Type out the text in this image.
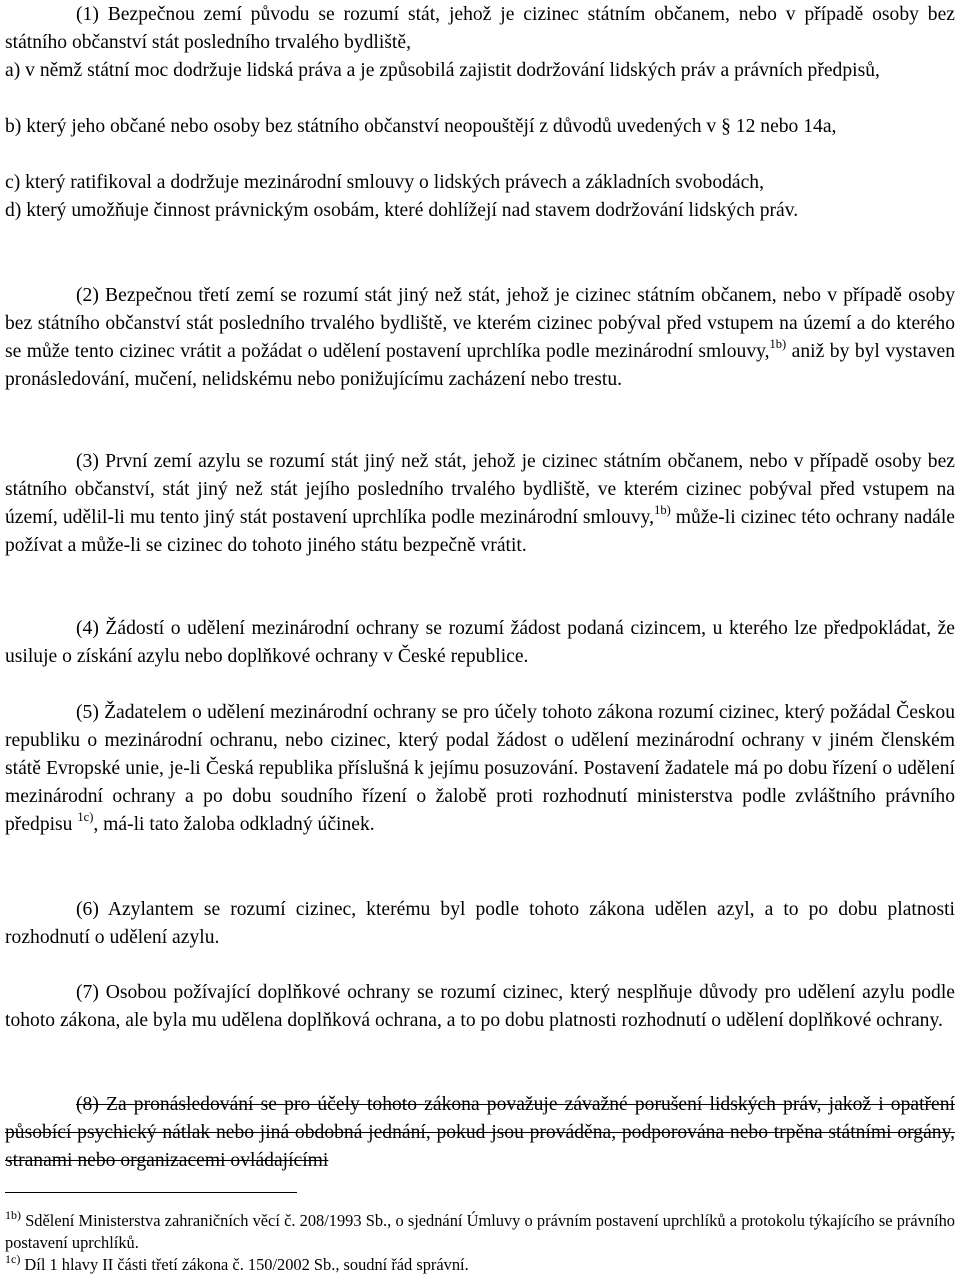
(1) Bezpečnou zemí původu se rozumí stát, jehož je cizinec státním občanem, nebo v případě osoby bez státního občanství stát posledního trvalého bydliště,

a) v němž státní moc dodržuje lidská práva a je způsobilá zajistit dodržování lidských práv a právních předpisů,

b) který jeho občané nebo osoby bez státního občanství neopouštějí z důvodů uvedených v § 12 nebo 14a,

c) který ratifikoval a dodržuje mezinárodní smlouvy o lidských právech a základních svobodách,

d) který umožňuje činnost právnickým osobám, které dohlížejí nad stavem dodržování lidských práv.

(2) Bezpečnou třetí zemí se rozumí stát jiný než stát, jehož je cizinec státním občanem, nebo v případě osoby bez státního občanství stát posledního trvalého bydliště, ve kterém cizinec pobýval před vstupem na území a do kterého se může tento cizinec vrátit a požádat o udělení postavení uprchlíka podle mezinárodní smlouvy,$^{1b)}$ aniž by byl vystaven pronásledování, mučení, nelidskému nebo ponižujícímu zacházení nebo trestu.

(3) První zemí azylu se rozumí stát jiný než stát, jehož je cizinec státním občanem, nebo v případě osoby bez státního občanství, stát jiný než stát jejího posledního trvalého bydliště, ve kterém cizinec pobýval před vstupem na území, udělil-li mu tento jiný stát postavení uprchlíka podle mezinárodní smlouvy,$^{1b)}$ může-li cizinec této ochrany nadále požívat a může-li se cizinec do tohoto jiného státu bezpečně vrátit.

(4) Žádostí o udělení mezinárodní ochrany se rozumí žádost podaná cizincem, u kterého lze předpokládat, že usiluje o získání azylu nebo doplňkové ochrany v České republice.

(5) Žadatelem o udělení mezinárodní ochrany se pro účely tohoto zákona rozumí cizinec, který požádal Českou republiku o mezinárodní ochranu, nebo cizinec, který podal žádost o udělení mezinárodní ochrany v jiném členském státě Evropské unie, je-li Česká republika příslušná k jejímu posuzování. Postavení žadatele má po dobu řízení o udělení mezinárodní ochrany a po dobu soudního řízení o žalobě proti rozhodnutí ministerstva podle zvláštního právního předpisu $^{1c)}$, má-li tato žaloba odkladný účinek.

(6) Azylantem se rozumí cizinec, kterému byl podle tohoto zákona udělen azyl, a to po dobu platnosti rozhodnutí o udělení azylu.

(7) Osobou požívající doplňkové ochrany se rozumí cizinec, který nesplňuje důvody pro udělení azylu podle tohoto zákona, ale byla mu udělena doplňková ochrana, a to po dobu platnosti rozhodnutí o udělení doplňkové ochrany.

(8) Za pronásledování se pro účely tohoto zákona považuje závažné porušení lidských práv, jakož i opatření působící psychický nátlak nebo jiná obdobná jednání, pokud jsou prováděna, podporována nebo trpěna státními orgány, stranami nebo organizacemi ovládajícími

$^{1b)}$ Sdělení Ministerstva zahraničních věcí č. 208/1993 Sb., o sjednání Úmluvy o právním postavení uprchlíků a protokolu týkajícího se právního postavení uprchlíků.

$^{1c)}$ Díl 1 hlavy II části třetí zákona č. 150/2002 Sb., soudní řád správní.
